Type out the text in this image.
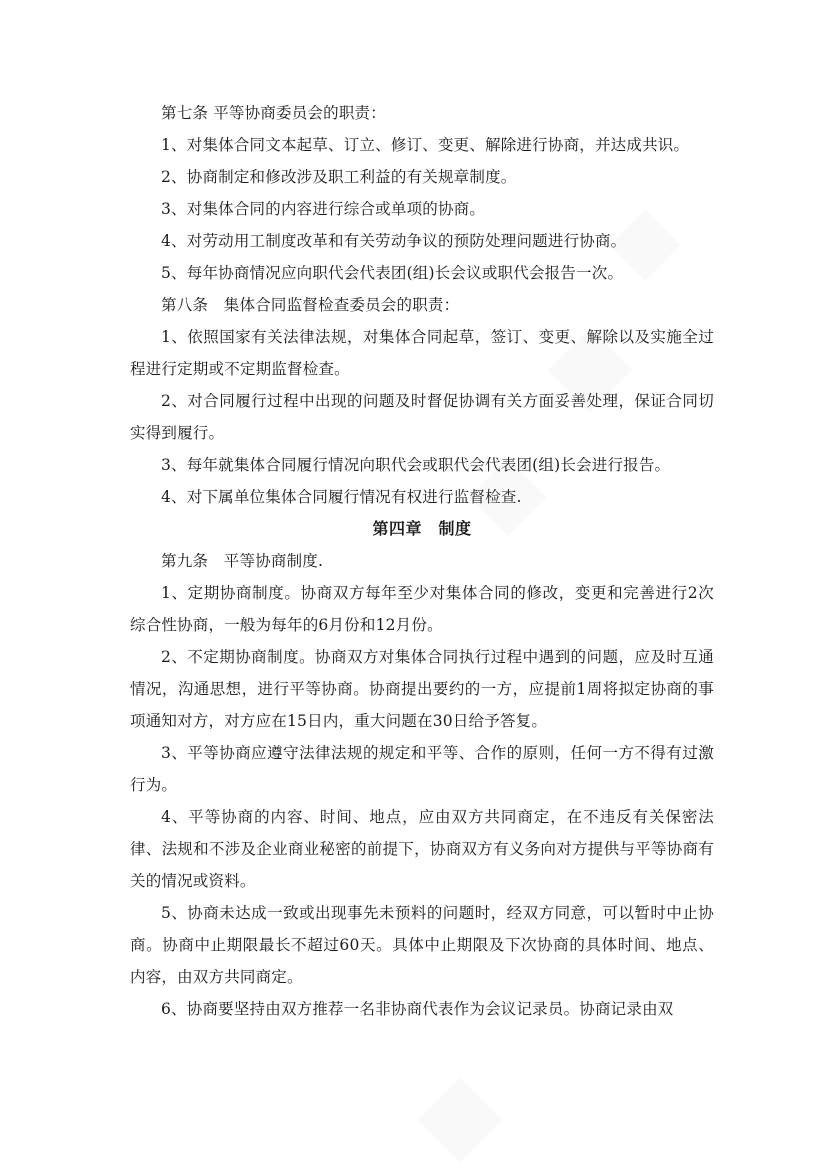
第七条 平等协商委员会的职责：

1、对集体合同文本起草、订立、修订、变更、解除进行协商，并达成共识。

2、协商制定和修改涉及职工利益的有关规章制度。

3、对集体合同的内容进行综合或单项的协商。

4、对劳动用工制度改革和有关劳动争议的预防处理问题进行协商。

5、每年协商情况应向职代会代表团(组)长会议或职代会报告一次。

第八条　集体合同监督检查委员会的职责：

1、依照国家有关法律法规，对集体合同起草，签订、变更、解除以及实施全过程进行定期或不定期监督检查。

2、对合同履行过程中出现的问题及时督促协调有关方面妥善处理，保证合同切实得到履行。

3、每年就集体合同履行情况向职代会或职代会代表团(组)长会进行报告。

4、对下属单位集体合同履行情况有权进行监督检查.

第四章　制度

第九条　平等协商制度.

1、定期协商制度。协商双方每年至少对集体合同的修改，变更和完善进行2次综合性协商，一般为每年的6月份和12月份。

2、不定期协商制度。协商双方对集体合同执行过程中遇到的问题，应及时互通情况，沟通思想，进行平等协商。协商提出要约的一方，应提前1周将拟定协商的事项通知对方，对方应在15日内，重大问题在30日给予答复。

3、平等协商应遵守法律法规的规定和平等、合作的原则，任何一方不得有过激行为。

4、平等协商的内容、时间、地点，应由双方共同商定，在不违反有关保密法律、法规和不涉及企业商业秘密的前提下，协商双方有义务向对方提供与平等协商有关的情况或资料。

5、协商未达成一致或出现事先未预料的问题时，经双方同意，可以暂时中止协商。协商中止期限最长不超过60天。具体中止期限及下次协商的具体时间、地点、内容，由双方共同商定。

6、协商要坚持由双方推荐一名非协商代表作为会议记录员。协商记录由双
